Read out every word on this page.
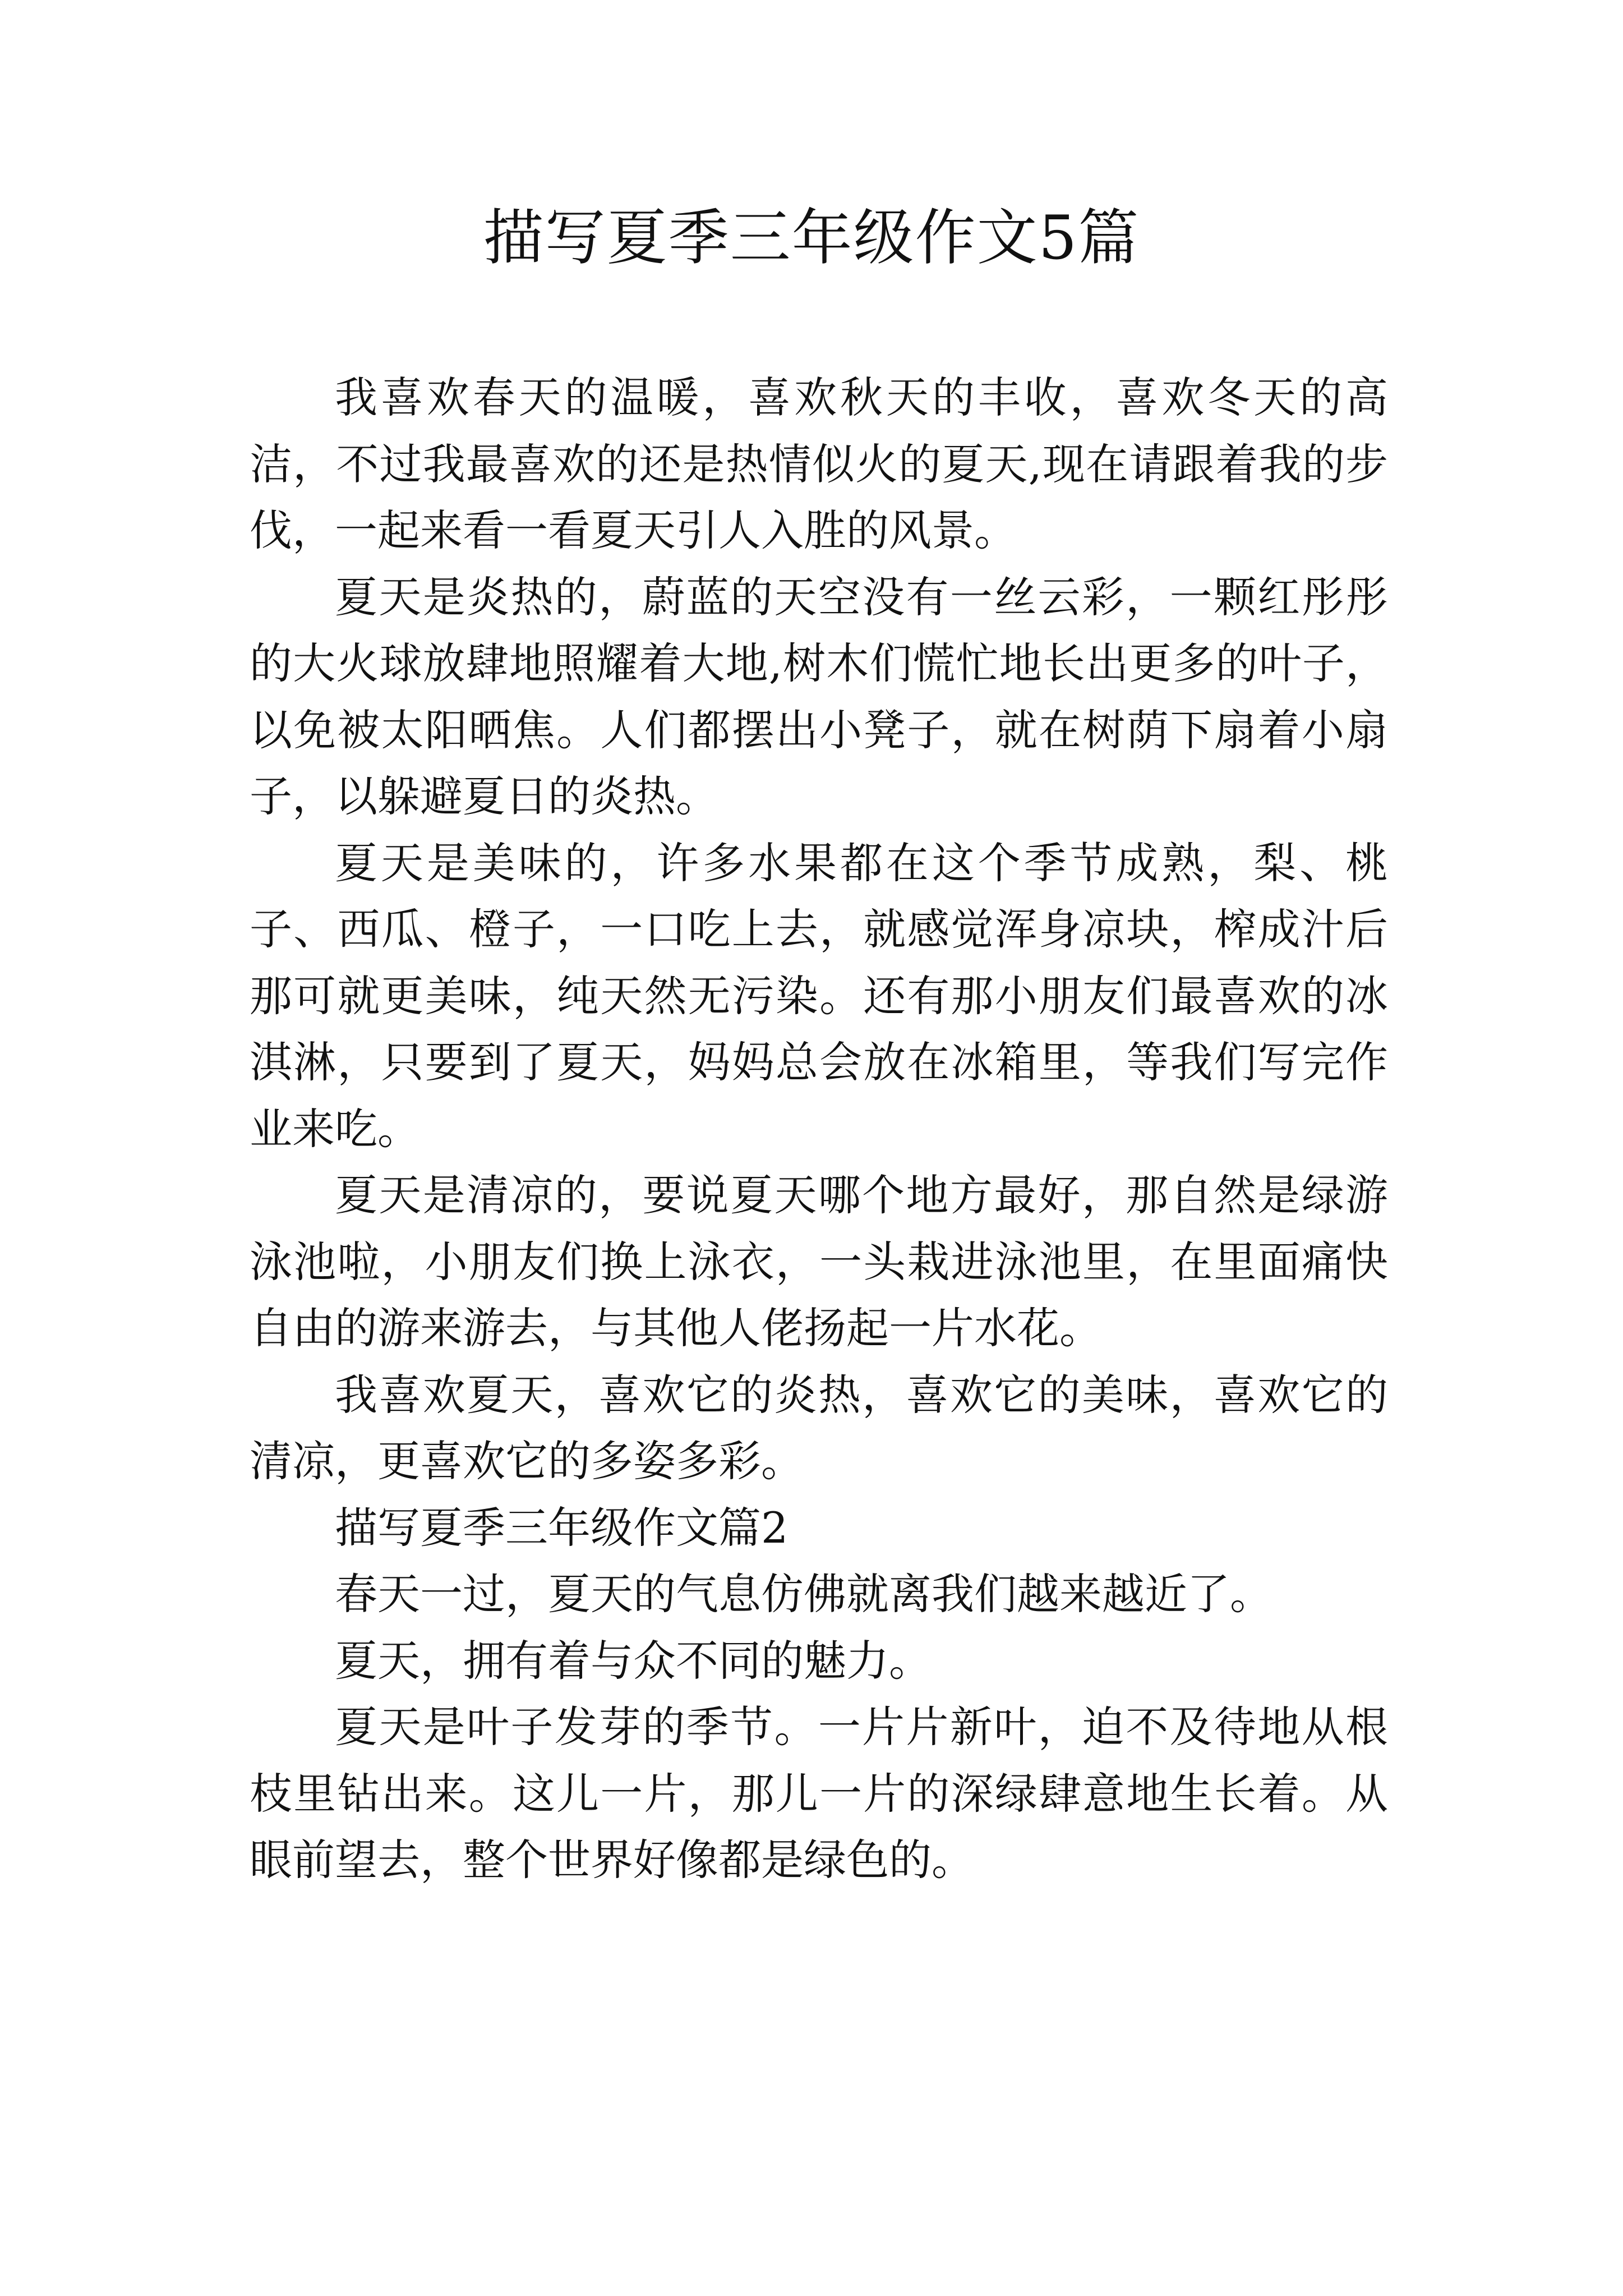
描写夏季三年级作文5篇

我喜欢春天的温暖，喜欢秋天的丰收，喜欢冬天的高洁，不过我最喜欢的还是热情似火的夏天,现在请跟着我的步伐，一起来看一看夏天引人入胜的风景。

夏天是炎热的，蔚蓝的天空没有一丝云彩，一颗红彤彤的大火球放肆地照耀着大地,树木们慌忙地长出更多的叶子，以免被太阳晒焦。人们都摆出小凳子，就在树荫下扇着小扇子，以躲避夏日的炎热。

夏天是美味的，许多水果都在这个季节成熟，梨、桃子、西瓜、橙子，一口吃上去，就感觉浑身凉块，榨成汁后那可就更美味，纯天然无污染。还有那小朋友们最喜欢的冰淇淋，只要到了夏天，妈妈总会放在冰箱里，等我们写完作业来吃。

夏天是清凉的，要说夏天哪个地方最好，那自然是绿游泳池啦，小朋友们换上泳衣，一头栽进泳池里，在里面痛快自由的游来游去，与其他人佬扬起一片水花。

我喜欢夏天，喜欢它的炎热，喜欢它的美味，喜欢它的清凉，更喜欢它的多姿多彩。

描写夏季三年级作文篇2

春天一过，夏天的气息仿佛就离我们越来越近了。

夏天，拥有着与众不同的魅力。

夏天是叶子发芽的季节。一片片新叶，迫不及待地从根枝里钻出来。这儿一片，那儿一片的深绿肆意地生长着。从眼前望去，整个世界好像都是绿色的。
